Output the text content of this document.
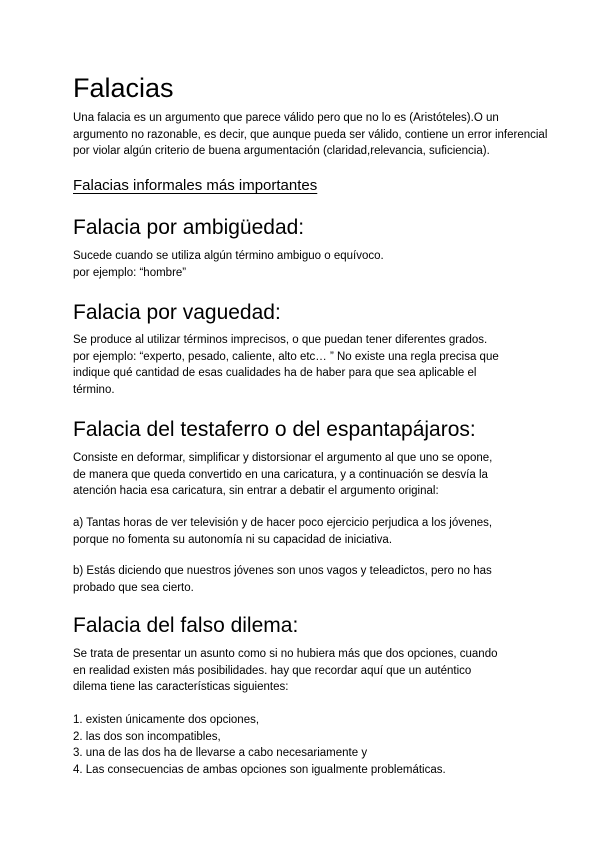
Falacias

Una falacia es un argumento que parece válido pero que no lo es (Aristóteles).O un
argumento no razonable, es decir, que aunque pueda ser válido, contiene un error inferencial
por violar algún criterio de buena argumentación (claridad,relevancia, suficiencia).

Falacias informales más importantes

Falacia por ambigüedad:

Sucede cuando se utiliza algún término ambiguo o equívoco.
por ejemplo: “hombre”

Falacia por vaguedad:

Se produce al utilizar términos imprecisos, o que puedan tener diferentes grados.
por ejemplo: “experto, pesado, caliente, alto etc… ” No existe una regla precisa que
indique qué cantidad de esas cualidades ha de haber para que sea aplicable el
término.

Falacia del testaferro o del espantapájaros:

Consiste en deformar, simplificar y distorsionar el argumento al que uno se opone,
de manera que queda convertido en una caricatura, y a continuación se desvía la
atención hacia esa caricatura, sin entrar a debatir el argumento original:

a) Tantas horas de ver televisión y de hacer poco ejercicio perjudica a los jóvenes,
porque no fomenta su autonomía ni su capacidad de iniciativa.

b) Estás diciendo que nuestros jóvenes son unos vagos y teleadictos, pero no has
probado que sea cierto.

Falacia del falso dilema:

Se trata de presentar un asunto como si no hubiera más que dos opciones, cuando
en realidad existen más posibilidades. hay que recordar aquí que un auténtico
dilema tiene las características siguientes:

1. existen únicamente dos opciones,
2. las dos son incompatibles,
3. una de las dos ha de llevarse a cabo necesariamente y
4. Las consecuencias de ambas opciones son igualmente problemáticas.
